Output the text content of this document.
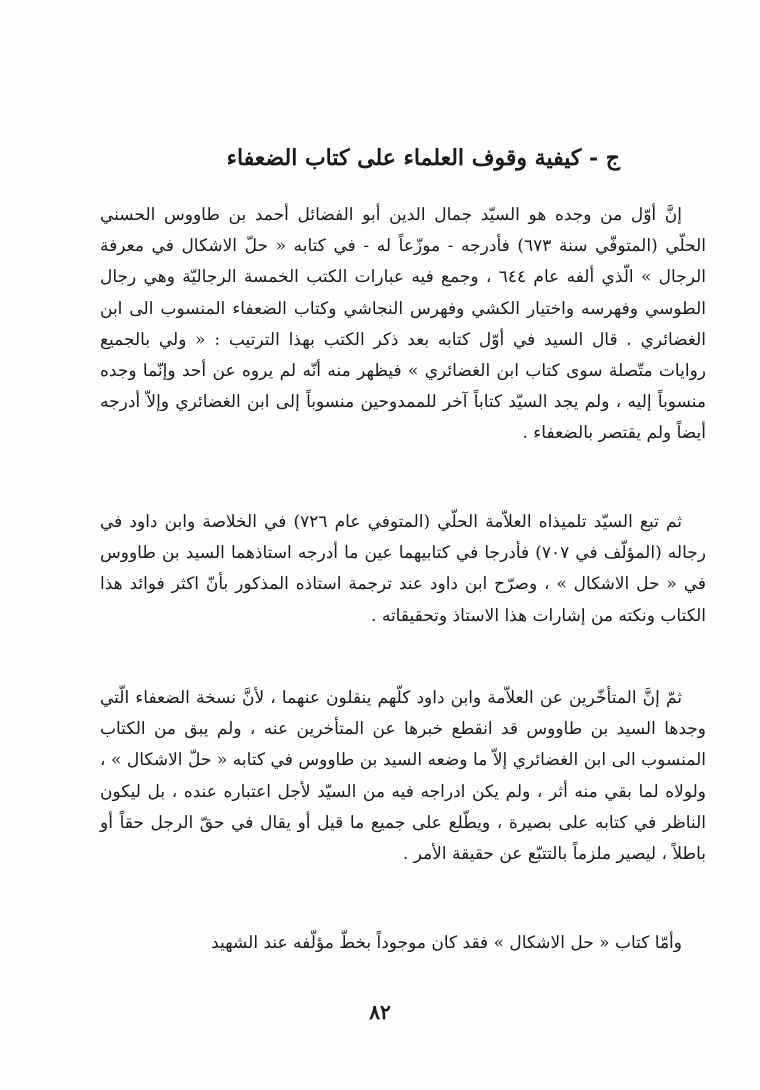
ج - كيفية وقوف العلماء على كتاب الضعفاء

إنَّ أوّل من وجده هو السيّد جمال الدين أبو الفضائل أحمد بن طاووس الحسني الحلّي (المتوفّي سنة ٦٧٣) فأدرجه - موزّعاً له - في كتابه « حلّ الاشكال في معرفة الرجال » الّذي ألفه عام ٦٤٤ ، وجمع فيه عبارات الكتب الخمسة الرجاليّة وهي رجال الطوسي وفهرسه واختيار الكشي وفهرس النجاشي وكتاب الضعفاء المنسوب الى ابن الغضائري . قال السيد في أوّل كتابه بعد ذكر الكتب بهذا الترتيب : « ولي بالجميع روايات متّصلة سوى كتاب ابن الغضائري » فيظهر منه أنّه لم يروه عن أحد وإنّما وجده منسوباً إليه ، ولم يجد السيّد كتاباً آخر للممدوحين منسوباً إلى ابن الغضائري وإلاّ أدرجه أيضاً ولم يقتصر بالضعفاء .

ثم تبع السيّد تلميذاه العلاّمة الحلّي (المتوفي عام ٧٢٦) في الخلاصة وابن داود في رجاله (المؤلّف في ٧٠٧) فأدرجا في كتابيهما عين ما أدرجه استاذهما السيد بن طاووس في « حل الاشكال » ، وصرّح ابن داود عند ترجمة استاذه المذكور بأنّ اكثر فوائد هذا الكتاب ونكته من إشارات هذا الاستاذ وتحقيقاته .

ثمّ إنَّ المتأخّرين عن العلاّمة وابن داود كلّهم ينقلون عنهما ، لأنَّ نسخة الضعفاء الّتي وجدها السيد بن طاووس قد انقطع خبرها عن المتأخرين عنه ، ولم يبق من الكتاب المنسوب الى ابن الغضائري إلاّ ما وضعه السيد بن طاووس في كتابه « حلّ الاشكال » ، ولولاه لما بقي منه أثر ، ولم يكن ادراجه فيه من السيّد لأجل اعتباره عنده ، بل ليكون الناظر في كتابه على بصيرة ، ويطّلع على جميع ما قيل أو يقال في حقّ الرجل حقاً أو باطلاً ، ليصير ملزماً بالتتبّع عن حقيقة الأمر .

وأمّا كتاب « حل الاشكال » فقد كان موجوداً بخطّ مؤلّفه عند الشهيد

٨٢
